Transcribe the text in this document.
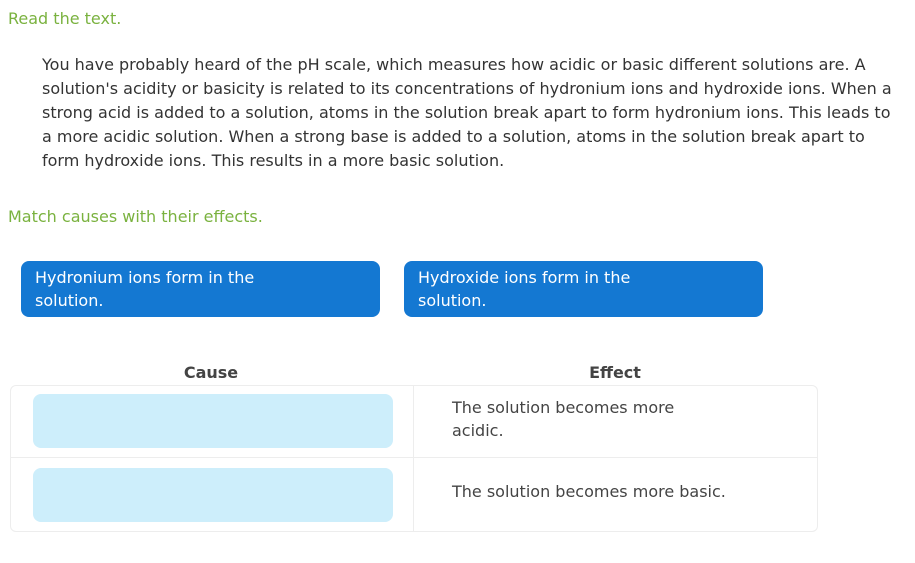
Read the text.

You have probably heard of the pH scale, which measures how acidic or basic different solutions are. A solution's acidity or basicity is related to its concentrations of hydronium ions and hydroxide ions. When a strong acid is added to a solution, atoms in the solution break apart to form hydronium ions. This leads to a more acidic solution. When a strong base is added to a solution, atoms in the solution break apart to form hydroxide ions. This results in a more basic solution.

Match causes with their effects.
Hydronium ions form in the solution.
Hydroxide ions form in the solution.
Cause	Effect
The solution becomes more acidic.
The solution becomes more basic.
